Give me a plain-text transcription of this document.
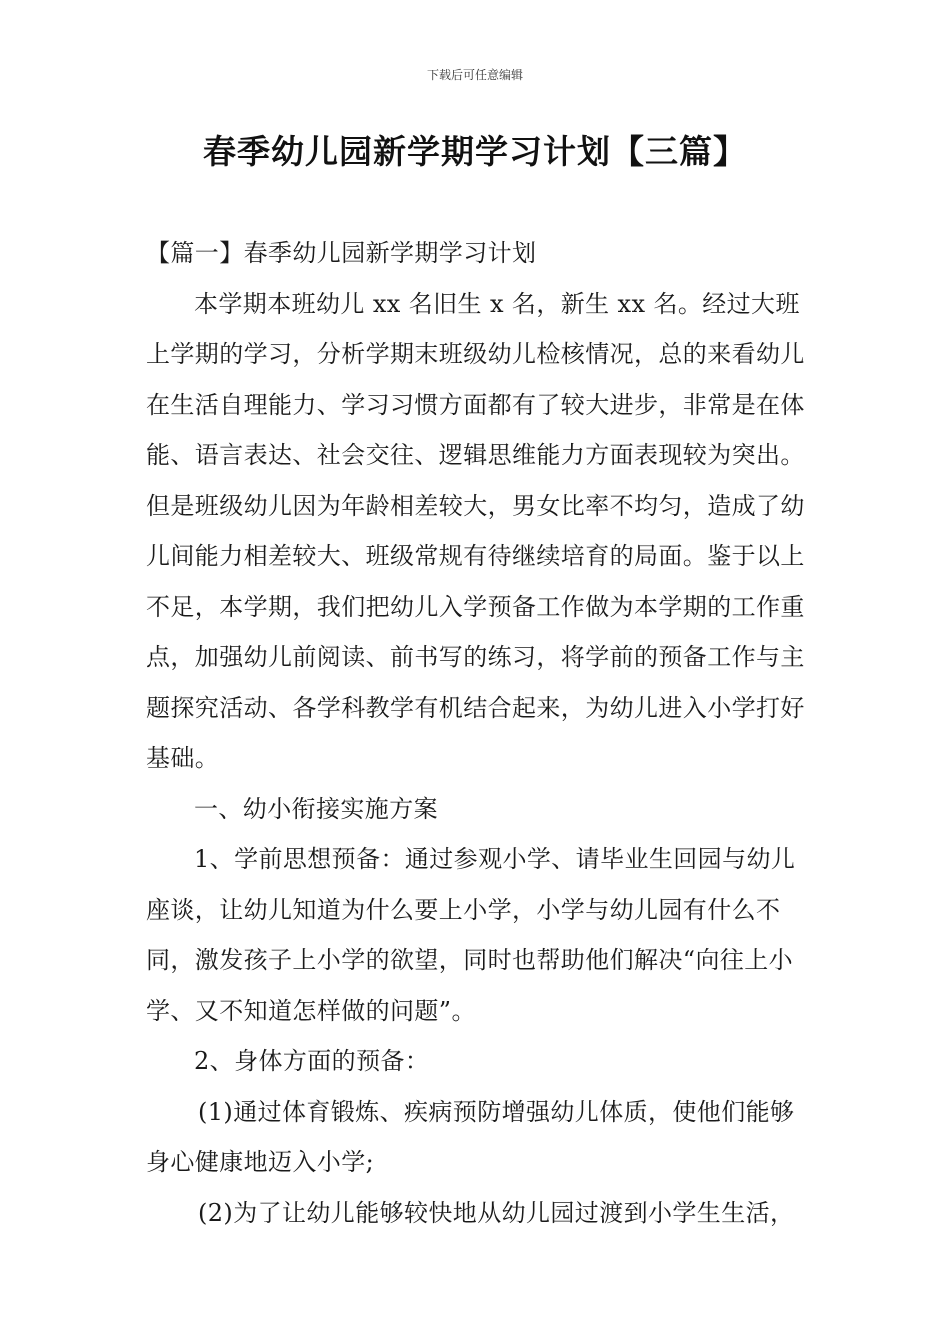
下载后可任意编辑
春季幼儿园新学期学习计划【三篇】

【篇一】春季幼儿园新学期学习计划

本学期本班幼儿 xx 名旧生 x 名，新生 xx 名。经过大班上学期的学习，分析学期末班级幼儿检核情况，总的来看幼儿在生活自理能力、学习习惯方面都有了较大进步，非常是在体能、语言表达、社会交往、逻辑思维能力方面表现较为突出。但是班级幼儿因为年龄相差较大，男女比率不均匀，造成了幼儿间能力相差较大、班级常规有待继续培育的局面。鉴于以上不足，本学期，我们把幼儿入学预备工作做为本学期的工作重点，加强幼儿前阅读、前书写的练习，将学前的预备工作与主题探究活动、各学科教学有机结合起来，为幼儿进入小学打好基础。

一、幼小衔接实施方案

1、学前思想预备：通过参观小学、请毕业生回园与幼儿座谈，让幼儿知道为什么要上小学，小学与幼儿园有什么不同，激发孩子上小学的欲望，同时也帮助他们解决“向往上小学、又不知道怎样做的问题”。

2、身体方面的预备：

(1)通过体育锻炼、疾病预防增强幼儿体质，使他们能够身心健康地迈入小学;

(2)为了让幼儿能够较快地从幼儿园过渡到小学生生活，
